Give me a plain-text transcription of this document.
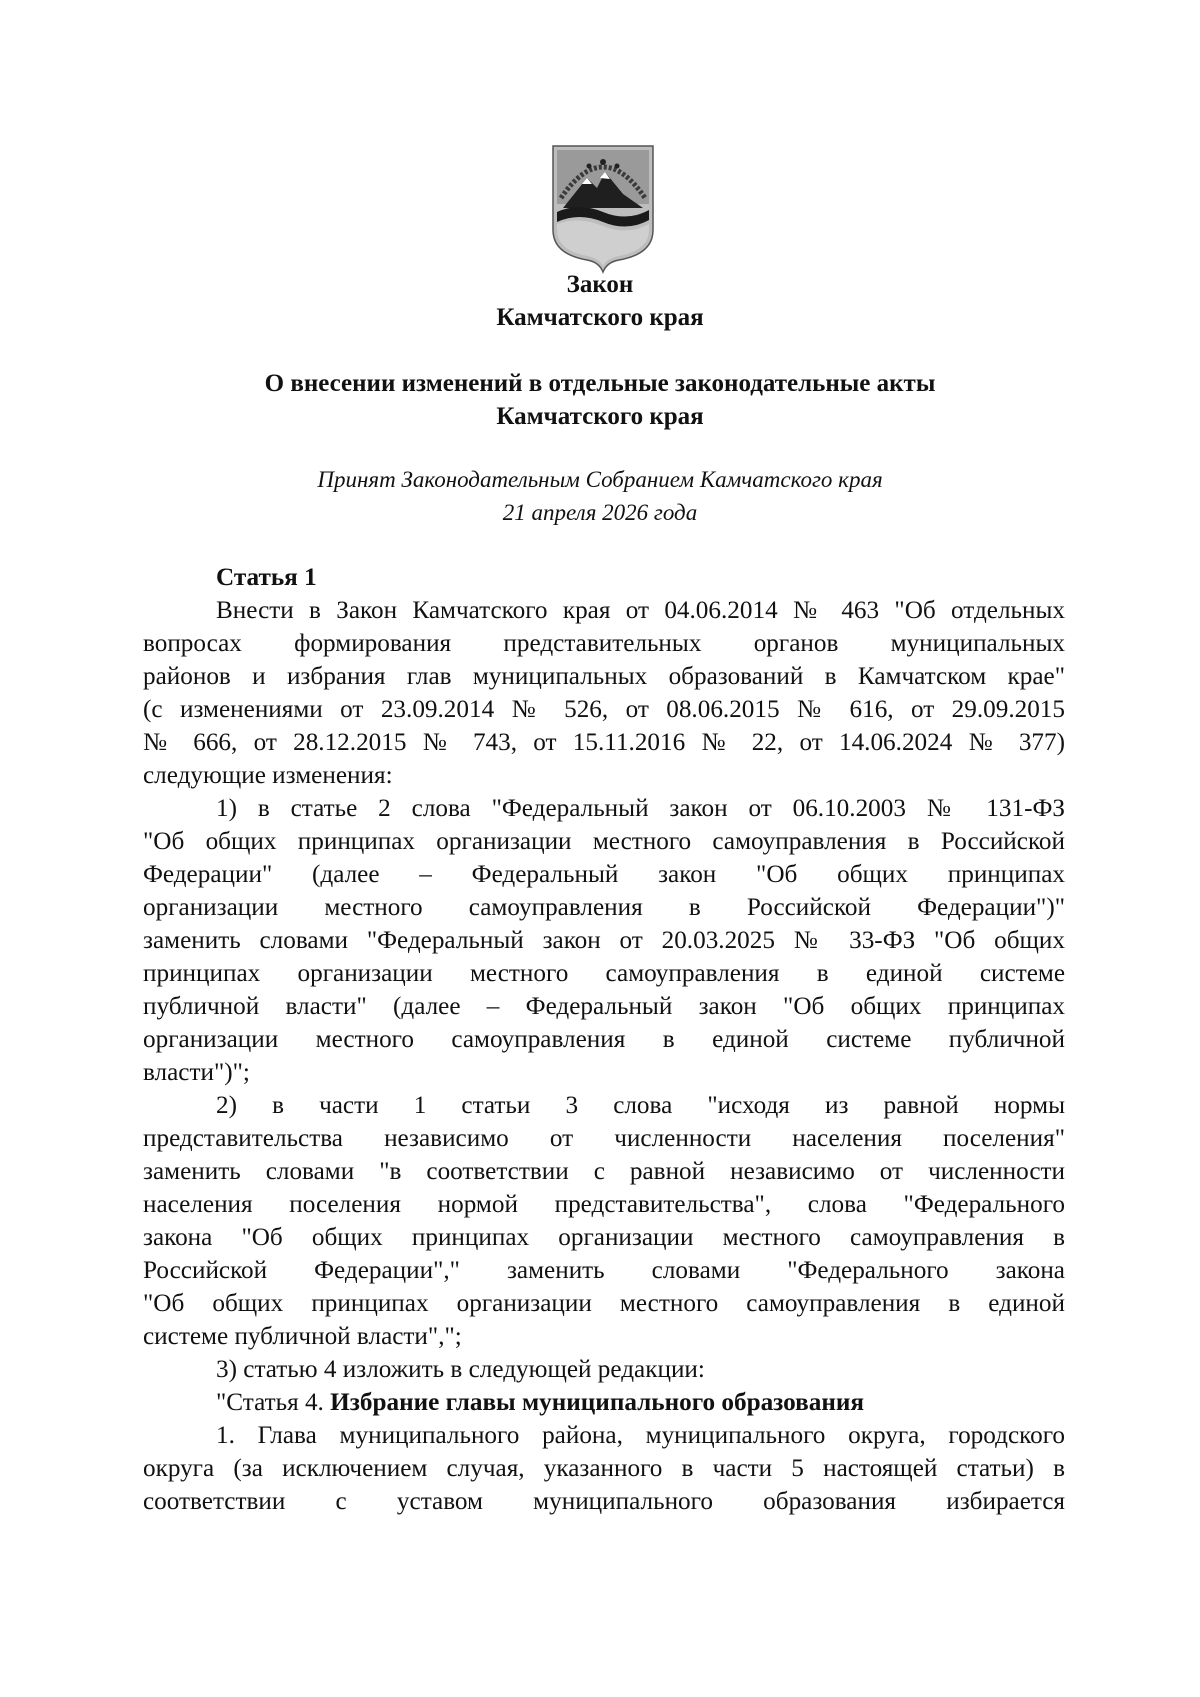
Закон
Камчатского края
О внесении изменений в отдельные законодательные акты
Камчатского края
Принят Законодательным Собранием Камчатского края
21 апреля 2026 года
Статья 1
Внести в Закон Камчатского края от 04.06.2014 № 463 "Об отдельных
вопросах формирования представительных органов муниципальных
районов и избрания глав муниципальных образований в Камчатском крае"
(с изменениями от 23.09.2014 № 526, от 08.06.2015 № 616, от 29.09.2015
№ 666, от 28.12.2015 № 743, от 15.11.2016 № 22, от 14.06.2024 № 377)
следующие изменения:
1) в статье 2 слова "Федеральный закон от 06.10.2003 № 131-ФЗ
"Об общих принципах организации местного самоуправления в Российской
Федерации" (далее – Федеральный закон "Об общих принципах
организации местного самоуправления в Российской Федерации")"
заменить словами "Федеральный закон от 20.03.2025 № 33-ФЗ "Об общих
принципах организации местного самоуправления в единой системе
публичной власти" (далее – Федеральный закон "Об общих принципах
организации местного самоуправления в единой системе публичной
власти")";
2) в части 1 статьи 3 слова "исходя из равной нормы
представительства независимо от численности населения поселения"
заменить словами "в соответствии с равной независимо от численности
населения поселения нормой представительства", слова "Федерального
закона "Об общих принципах организации местного самоуправления в
Российской Федерации"," заменить словами "Федерального закона
"Об общих принципах организации местного самоуправления в единой
системе публичной власти",";
3) статью 4 изложить в следующей редакции:
"Статья 4. Избрание главы муниципального образования
1. Глава муниципального района, муниципального округа, городского
округа (за исключением случая, указанного в части 5 настоящей статьи) в
соответствии с уставом муниципального образования избирается
